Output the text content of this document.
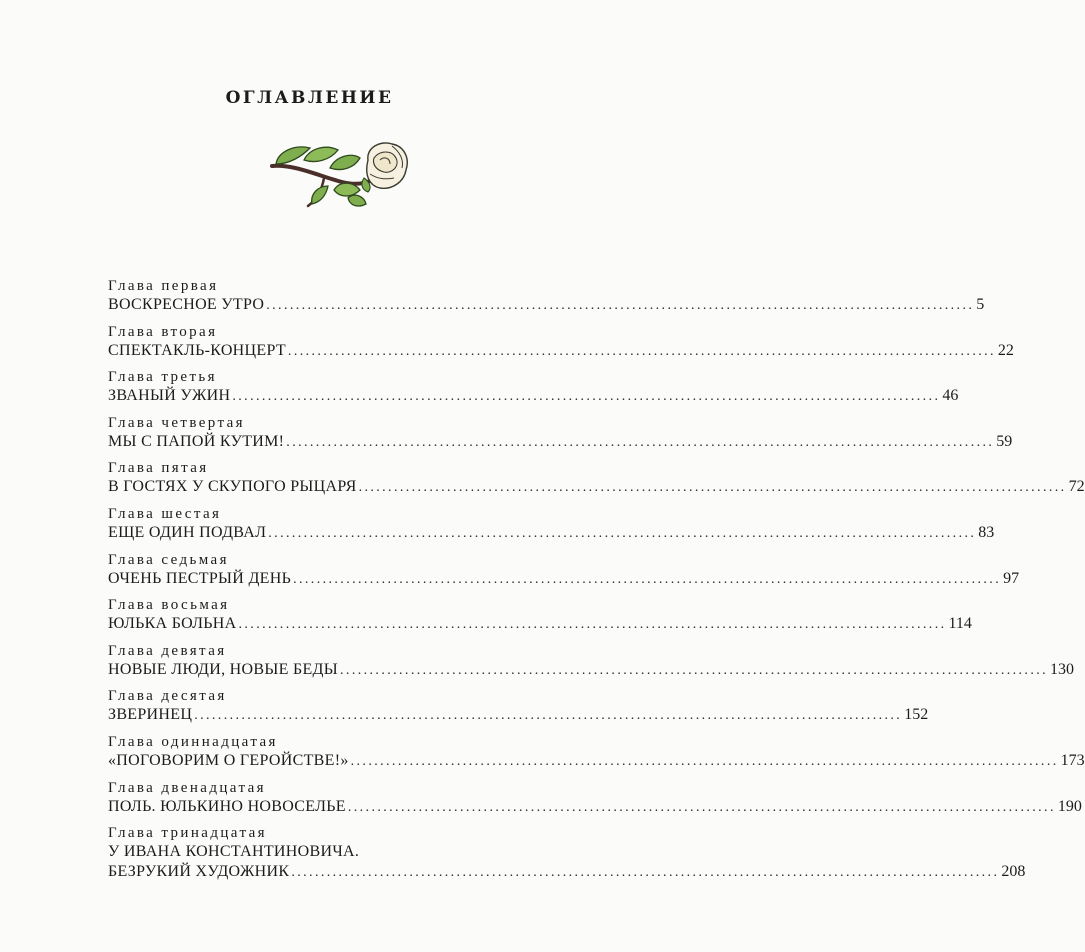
ОГЛАВЛЕНИЕ
Глава первая
ВОСКРЕСНОЕ УТРО ........................................................................................................................ 5
Глава вторая
СПЕКТАКЛЬ-КОНЦЕРТ ........................................................................................................................ 22
Глава третья
ЗВАНЫЙ УЖИН ........................................................................................................................ 46
Глава четвертая
МЫ С ПАПОЙ КУТИМ! ........................................................................................................................ 59
Глава пятая
В ГОСТЯХ У СКУПОГО РЫЦАРЯ ........................................................................................................................ 72
Глава шестая
ЕЩЕ ОДИН ПОДВАЛ ........................................................................................................................ 83
Глава седьмая
ОЧЕНЬ ПЕСТРЫЙ ДЕНЬ ........................................................................................................................ 97
Глава восьмая
ЮЛЬКА БОЛЬНА ........................................................................................................................ 114
Глава девятая
НОВЫЕ ЛЮДИ, НОВЫЕ БЕДЫ ........................................................................................................................ 130
Глава десятая
ЗВЕРИНЕЦ ........................................................................................................................ 152
Глава одиннадцатая
«ПОГОВОРИМ О ГЕРОЙСТВЕ!» ........................................................................................................................ 173
Глава двенадцатая
ПОЛЬ. ЮЛЬКИНО НОВОСЕЛЬЕ ........................................................................................................................ 190
Глава тринадцатая
У ИВАНА КОНСТАНТИНОВИЧА.
БЕЗРУКИЙ ХУДОЖНИК ........................................................................................................................ 208
